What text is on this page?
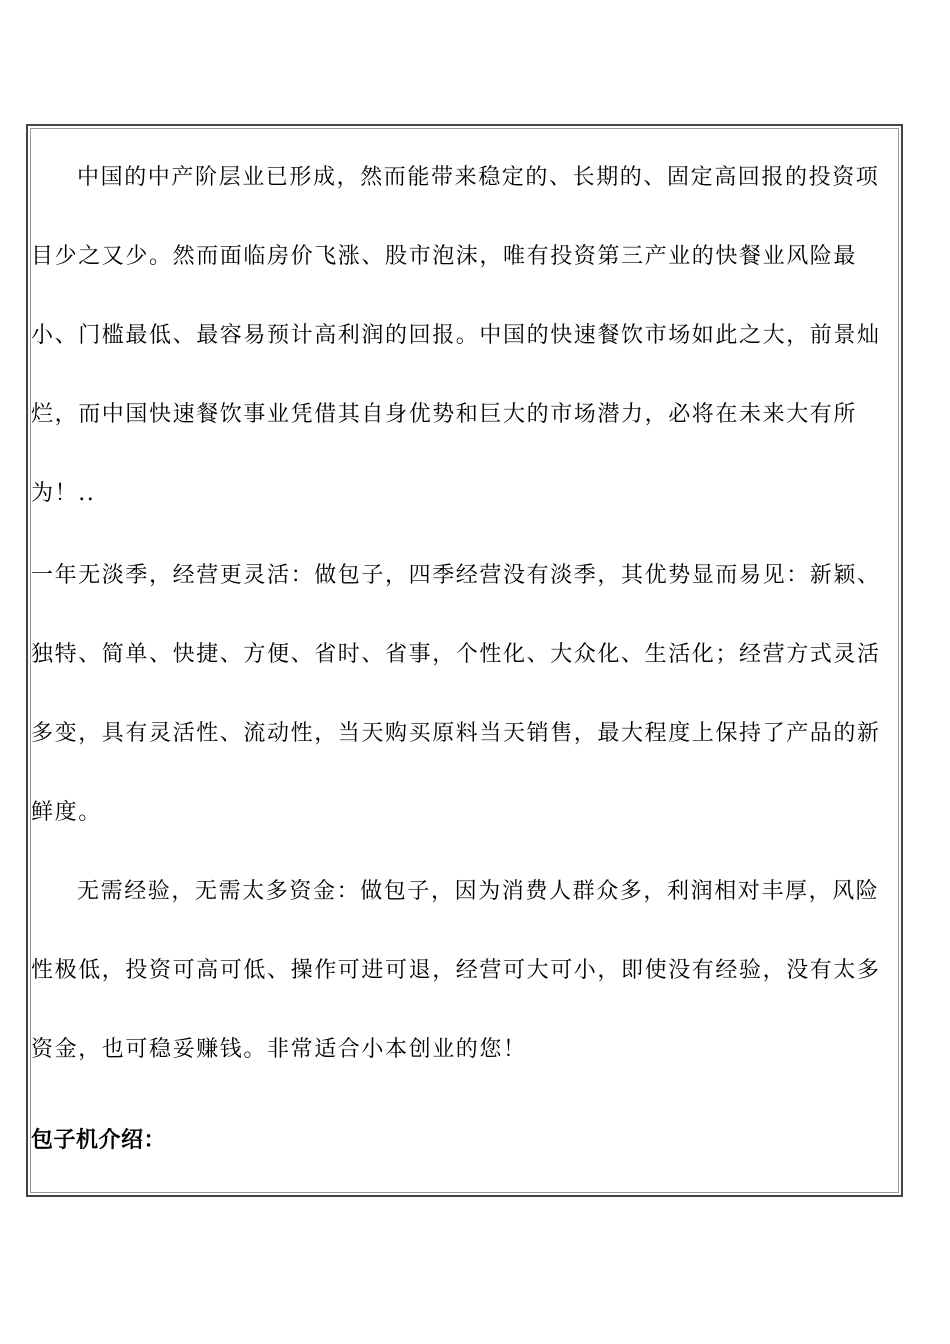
中国的中产阶层业已形成，然而能带来稳定的、长期的、固定高回报的投资项
目少之又少。然而面临房价飞涨、股市泡沫，唯有投资第三产业的快餐业风险最
小、门槛最低、最容易预计高利润的回报。中国的快速餐饮市场如此之大，前景灿
烂，而中国快速餐饮事业凭借其自身优势和巨大的市场潜力，必将在未来大有所
为！..
一年无淡季，经营更灵活：做包子，四季经营没有淡季，其优势显而易见：新颖、
独特、简单、快捷、方便、省时、省事，个性化、大众化、生活化；经营方式灵活
多变，具有灵活性、流动性，当天购买原料当天销售，最大程度上保持了产品的新
鲜度。
无需经验，无需太多资金：做包子，因为消费人群众多，利润相对丰厚，风险
性极低，投资可高可低、操作可进可退，经营可大可小，即使没有经验，没有太多
资金，也可稳妥赚钱。非常适合小本创业的您！
包子机介绍：
